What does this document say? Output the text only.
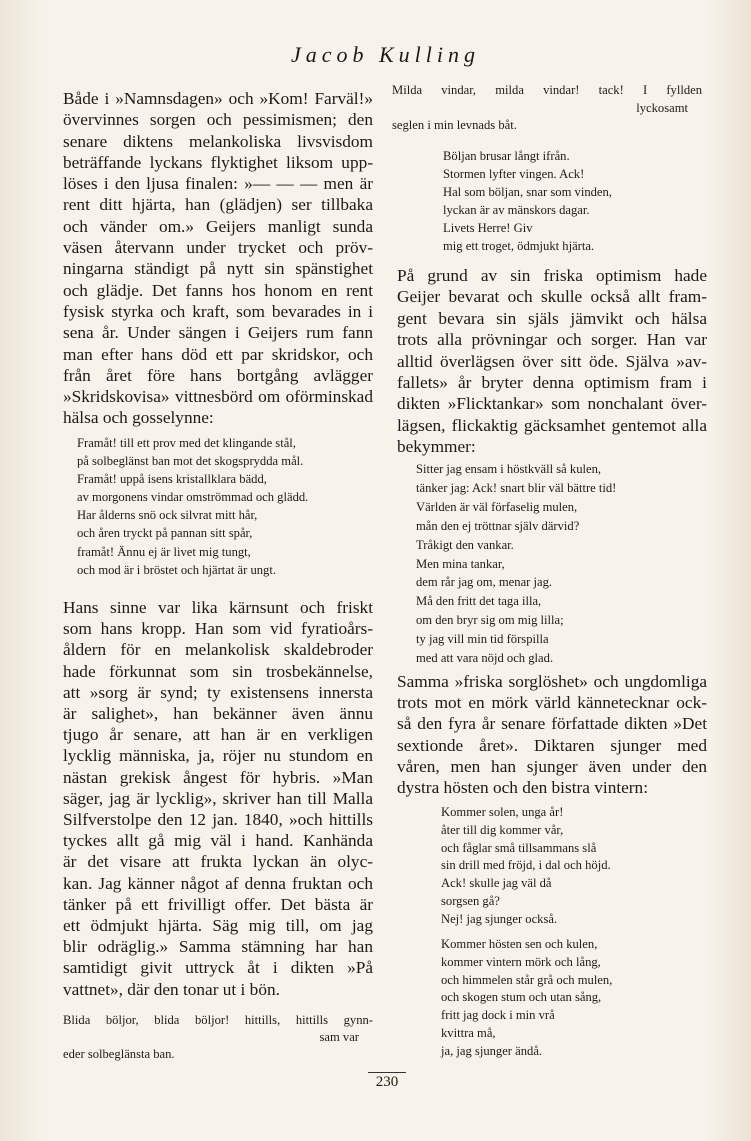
Jacob Kulling
Både i »Namnsdagen» och »Kom! Farväl!»
övervinnes sorgen och pessimismen; den
senare diktens melankoliska livsvisdom
beträffande lyckans flyktighet liksom upp-
löses i den ljusa finalen: »— — — men är
rent ditt hjärta, han (glädjen) ser tillbaka
och vänder om.» Geijers manligt sunda
väsen återvann under trycket och pröv-
ningarna ständigt på nytt sin spänstighet
och glädje. Det fanns hos honom en rent
fysisk styrka och kraft, som bevarades in i
sena år. Under sängen i Geijers rum fann
man efter hans död ett par skridskor, och
från året före hans bortgång avlägger
»Skridskovisa» vittnesbörd om oförminskad
hälsa och gosselynne:
Framåt! till ett prov med det klingande stål,
på solbeglänst ban mot det skogsprydda mål.
Framåt! uppå isens kristallklara bädd,
av morgonens vindar omströmmad och glädd.
Har ålderns snö ock silvrat mitt hår,
och åren tryckt på pannan sitt spår,
framåt! Ännu ej är livet mig tungt,
och mod är i bröstet och hjärtat är ungt.
Hans sinne var lika kärnsunt och friskt
som hans kropp. Han som vid fyratioårs-
åldern för en melankolisk skaldebroder
hade förkunnat som sin trosbekännelse,
att »sorg är synd; ty existensens innersta
är salighet», han bekänner även ännu
tjugo år senare, att han är en verkligen
lycklig människa, ja, röjer nu stundom en
nästan grekisk ångest för hybris. »Man
säger, jag är lycklig», skriver han till Malla
Silfverstolpe den 12 jan. 1840, »och hittills
tyckes allt gå mig väl i hand. Kanhända
är det visare att frukta lyckan än olyc-
kan. Jag känner något af denna fruktan och
tänker på ett frivilligt offer. Det bästa är
ett ödmjukt hjärta. Säg mig till, om jag
blir odräglig.» Samma stämning har han
samtidigt givit uttryck åt i dikten »På
vattnet», där den tonar ut i bön.
Blida böljor, blida böljor! hittills, hittills gynn-
sam var
eder solbeglänsta ban.
Milda vindar, milda vindar! tack! I fyllden
lyckosamt
seglen i min levnads båt.
Böljan brusar långt ifrån.
Stormen lyfter vingen. Ack!
Hal som böljan, snar som vinden,
lyckan är av mänskors dagar.
Livets Herre! Giv
mig ett troget, ödmjukt hjärta.
På grund av sin friska optimism hade
Geijer bevarat och skulle också allt fram-
gent bevara sin själs jämvikt och hälsa
trots alla prövningar och sorger. Han var
alltid överlägsen över sitt öde. Själva »av-
fallets» år bryter denna optimism fram i
dikten »Flicktankar» som nonchalant över-
lägsen, flickaktig gäcksamhet gentemot alla
bekymmer:
Sitter jag ensam i höstkväll så kulen,
tänker jag: Ack! snart blir väl bättre tid!
Världen är väl förfaselig mulen,
mån den ej tröttnar själv därvid?
Tråkigt den vankar.
Men mina tankar,
dem rår jag om, menar jag.
Må den fritt det taga illa,
om den bryr sig om mig lilla;
ty jag vill min tid förspilla
med att vara nöjd och glad.
Samma »friska sorglöshet» och ungdomliga
trots mot en mörk värld kännetecknar ock-
så den fyra år senare författade dikten »Det
sextionde året». Diktaren sjunger med
våren, men han sjunger även under den
dystra hösten och den bistra vintern:
Kommer solen, unga år!
åter till dig kommer vår,
och fåglar små tillsammans slå
sin drill med fröjd, i dal och höjd.
Ack! skulle jag väl då
sorgsen gå?
Nej! jag sjunger också.
Kommer hösten sen och kulen,
kommer vintern mörk och lång,
och himmelen står grå och mulen,
och skogen stum och utan sång,
fritt jag dock i min vrå
kvittra må,
ja, jag sjunger ändå.
230
